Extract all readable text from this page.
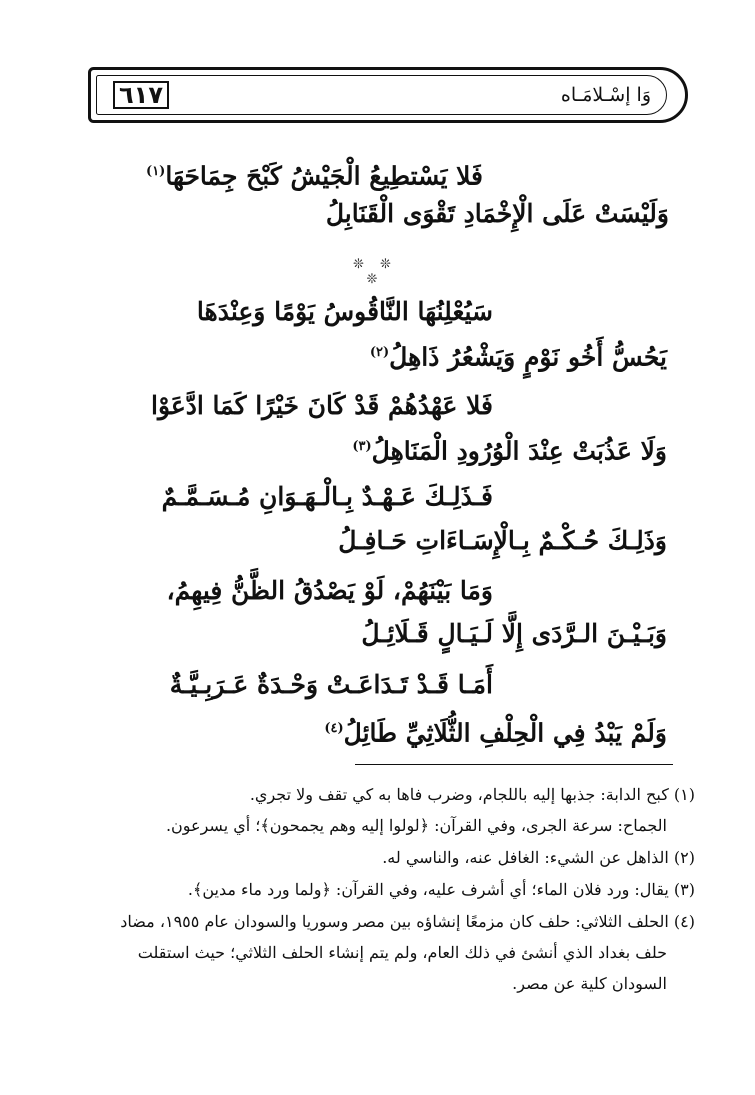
٦١٧	وَا إسْـلامَـاه
فَلا يَسْتطِيعُ الْجَيْشُ كَبْحَ جِمَاحَهَا$^{(١)}$
وَلَيْسَتْ عَلَى الْإِخْمَادِ تَقْوَى الْقَنَابِلُ
❊ ❊ ❊
سَيُعْلِنُهَا النَّاقُوسُ يَوْمًا وَعِنْدَهَا
يَحُسُّ أَخُو نَوْمٍ وَيَشْعُرُ ذَاهِلُ$^{(٢)}$
فَلا عَهْدُهُمْ قَدْ كَانَ خَيْرًا كَمَا ادَّعَوْا
وَلَا عَذُبَتْ عِنْدَ الْوُرُودِ الْمَنَاهِلُ$^{(٣)}$
فَـذَلِـكَ عَـهْـدٌ بِـالْـهَـوَانِ مُـسَـمَّـمٌ
وَذَلِـكَ حُـكْـمٌ بِـالْإِسَـاءَاتِ حَـافِـلُ
وَمَا بَيْنَهُمْ، لَوْ يَصْدُقُ الظَّنُّ فِيهِمُ،
وَبَـيْـنَ الـرَّدَى إِلَّا لَـيَـالٍ قَـلَائِـلُ
أَمَـا قَـدْ تَـدَاعَـتْ وَحْـدَةٌ عَـرَبِـيَّـةٌ
وَلَمْ يَبْدُ فِي الْحِلْفِ الثُّلَاثِيِّ طَائِلُ$^{(٤)}$
(١) كبح الدابة: جذبها إليه باللجام، وضرب فاها به كي تقف ولا تجري.
الجماح: سرعة الجرى، وفي القرآن: ﴿لولوا إليه وهم يجمحون﴾؛ أي يسرعون.
(٢) الذاهل عن الشيء: الغافل عنه، والناسي له.
(٣) يقال: ورد فلان الماء؛ أي أشرف عليه، وفي القرآن: ﴿ولما ورد ماء مدين﴾.
(٤) الحلف الثلاثي: حلف كان مزمعًا إنشاؤه بين مصر وسوريا والسودان عام ١٩٥٥، مضاد
حلف بغداد الذي أنشئ في ذلك العام، ولم يتم إنشاء الحلف الثلاثي؛ حيث استقلت
السودان كلية عن مصر.
